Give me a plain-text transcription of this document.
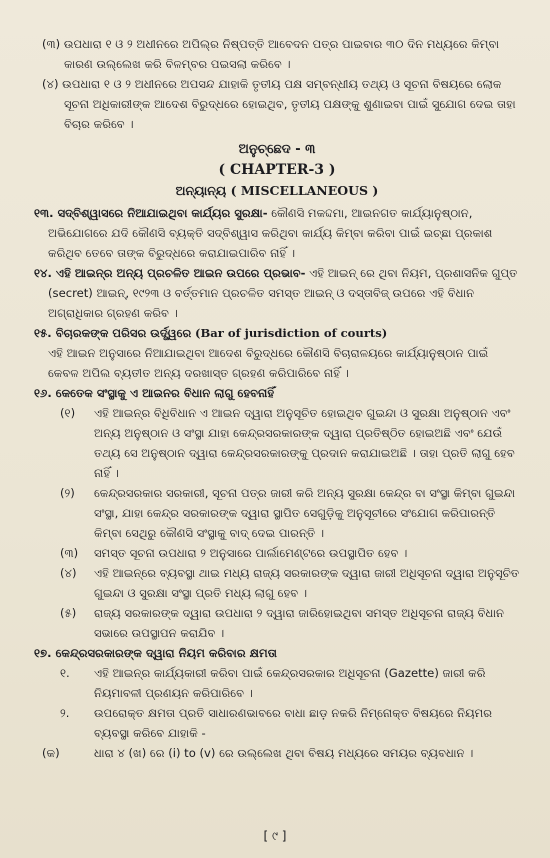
(୩) ଉପଧାରା ୧ ଓ ୨ ଅଧୀନରେ ଅପିଲ୍‌ର ନିଷ୍ପତ୍ତି ଆବେଦନ ପତ୍ର ପାଇବାର ୩୦ ଦିନ ମଧ୍ୟରେ କିମ୍ବା କାରଣ ଉଲ୍ଲେଖ କରି ବିଳମ୍ବର ପଇସଲା କରିବେ ।

(୪) ଉପଧାରା ୧ ଓ ୨ ଅଧୀନରେ ଅପସନ୍ଦ ଯାହାକି ତୃତୀୟ ପକ୍ଷ ସମ୍ବନ୍ଧୀୟ ତଥ୍ୟ ଓ ସୂଚନା ବିଷୟରେ ଲୋକ ସୂଚନା ଅଧିକାରୀଙ୍କ ଆଦେଶ ବିରୁଦ୍ଧରେ ହୋଇଥିବ, ତୃତୀୟ ପକ୍ଷଙ୍କୁ ଶୁଣାଇବା ପାଇଁ ସୁଯୋଗ ଦେଇ ତାହା ବିଚାର କରିବେ ।

ଅନୁଚ୍ଛେଦ - ୩
( CHAPTER-3 )
ଅନ୍ୟାନ୍ୟ ( MISCELLANEOUS )

୧୩. ସଦ୍‌ବିଶ୍ୱାସରେ ନିଆଯାଇଥିବା କାର୍ଯ୍ୟର ସୁରକ୍ଷା- କୌଣସି ମକଦ୍ଦମା, ଆଇନଗତ କାର୍ଯ୍ୟାନୁଷ୍ଠାନ, ଅଭିଯୋଗରେ ଯଦି କୌଣସି ବ୍ୟକ୍ତି ସଦ୍‌ବିଶ୍ୱାସ କରିଥିବା କାର୍ଯ୍ୟ କିମ୍ବା କରିବା ପାଇଁ ଇଚ୍ଛା ପ୍ରକାଶ କରିଥିବ ତେବେ ତାଙ୍କ ବିରୁଦ୍ଧରେ କରାଯାଇପାରିବ ନାହିଁ ।

୧୪. ଏହି ଆଇନ୍‌ର ଅନ୍ୟ ପ୍ରଚଳିତ ଆଇନ ଉପରେ ପ୍ରଭାବ- ଏହି ଆଇନ୍ ରେ ଥିବା ନିୟମ, ପ୍ରଶାସନିକ ଗୁପ୍ତ (secret) ଆଇନ୍, ୧୯୨୩ ଓ ବର୍ତ୍ତମାନ ପ୍ରଚଳିତ ସମସ୍ତ ଆଇନ୍ ଓ ଦସ୍ତାବିଜ୍ ଉପରେ ଏହି ବିଧାନ ଅଗ୍ରାଧିକାର ଗ୍ରହଣ କରିବ ।

୧୫. ବିଚାରକଙ୍କ ପରିସର ଉର୍ଦ୍ଧ୍ୱରେ (Bar of jurisdiction of courts)

ଏହି ଆଇନ ଅନୁସାରେ ନିଆଯାଇଥିବା ଆଦେଶ ବିରୁଦ୍ଧରେ କୌଣସି ବିଚାରାଳୟରେ କାର୍ଯ୍ୟାନୁଷ୍ଠାନ ପାଇଁ କେବଳ ଅପିଲ ବ୍ୟତୀତ ଅନ୍ୟ ଦରଖାସ୍ତ ଗ୍ରହଣ କରିପାରିବେ ନାହିଁ ।

୧୬. କେତେକ ସଂସ୍ଥାକୁ ଏ ଆଇନର ବିଧାନ ଲାଗୁ ହେବନାହିଁ

(୧)	ଏହି ଆଇନ୍‌ର ବିଧିବିଧାନ ଏ ଆଇନ ଦ୍ୱାରା ଅନୁସୂଚିତ ହୋଇଥିବ ଗୁଇନ୍ଦା ଓ ସୁରକ୍ଷା ଅନୁଷ୍ଠାନ ଏବଂ ଅନ୍ୟ ଅନୁଷ୍ଠାନ ଓ ସଂସ୍ଥା ଯାହା କେନ୍ଦ୍ରସରକାରଙ୍କ ଦ୍ୱାରା ପ୍ରତିଷ୍ଠିତ ହୋଇଅଛି ଏବଂ ଯେଉଁ ତଥ୍ୟ ସେ ଅନୁଷ୍ଠାନ ଦ୍ୱାରା କେନ୍ଦ୍ରସରକାରଙ୍କୁ ପ୍ରଦାନ କରାଯାଇଅଛି । ତାହା ପ୍ରତି ଲାଗୁ ହେବ ନାହିଁ ।
(୨)	କେନ୍ଦ୍ରସରକାର ସରକାରୀ, ସୂଚନା ପତ୍ର ଜାରୀ କରି ଅନ୍ୟ ସୁରକ୍ଷା କେନ୍ଦ୍ର ବା ସଂସ୍ଥା କିମ୍ବା ଗୁଇନ୍ଦା ସଂସ୍ଥା, ଯାହା କେନ୍ଦ୍ର ସରକାରଙ୍କ ଦ୍ୱାରା ସ୍ଥାପିତ ସେଗୁଡ଼ିକୁ ଅନୁସୂଚୀରେ ସଂଯୋଗ କରିପାରନ୍ତି କିମ୍ବା ସେଥିରୁ କୌଣସି ସଂସ୍ଥାକୁ ବାଦ୍ ଦେଇ ପାରନ୍ତି ।
(୩)	ସମସ୍ତ ସୂଚନା ଉପଧାରା ୨ ଅନୁସାରେ ପାର୍ଲାମେଣ୍ଟରେ ଉପସ୍ଥାପିତ ହେବ ।
(୪)	ଏହି ଆଇନ୍‌ରେ ବ୍ୟବସ୍ଥା ଥାଇ ମଧ୍ୟ ରାଜ୍ୟ ସରକାରଙ୍କ ଦ୍ୱାରା ଜାରୀ ଅଧିସୂଚନା ଦ୍ୱାରା ଅନୁସୂଚିତ ଗୁଇନ୍ଦା ଓ ସୁରକ୍ଷା ସଂସ୍ଥା ପ୍ରତି ମଧ୍ୟ ଲାଗୁ ହେବ ।
(୫)	ରାଜ୍ୟ ସରକାରଙ୍କ ଦ୍ୱାରା ଉପଧାରା ୨ ଦ୍ୱାରା ଜାରିହୋଇଥିବା ସମସ୍ତ ଅଧିସୂଚନା ରାଜ୍ୟ ବିଧାନ ସଭାରେ ଉପସ୍ଥାପନ କରାଯିବ ।

୧୭. କେନ୍ଦ୍ରସରକାରଙ୍କ ଦ୍ୱାରା ନିୟମ କରିବାର କ୍ଷମତା

୧.	ଏହି ଆଇନ୍‌ର କାର୍ଯ୍ୟକାରୀ କରିବା ପାଇଁ କେନ୍ଦ୍ରସରକାର ଅଧିସୂଚନା (Gazette) ଜାରୀ କରି ନିୟମାବଳୀ ପ୍ରଣୟନ କରିପାରିବେ ।
୨.	ଉପରୋକ୍ତ କ୍ଷମତା ପ୍ରତି ସାଧାରଣଭାବରେ ବାଧା ଛାଡ଼ ନକରି ନିମ୍ନୋକ୍ତ ବିଷୟରେ ନିୟମର ବ୍ୟବସ୍ଥା କରିବେ ଯାହାକି -
(କ)	ଧାରା ୪ (ଖ) ରେ (i) to (v) ରେ ଉଲ୍ଲେଖ ଥିବା ବିଷୟ ମଧ୍ୟରେ ସମୟର ବ୍ୟବଧାନ ।
[ ୯ ]
